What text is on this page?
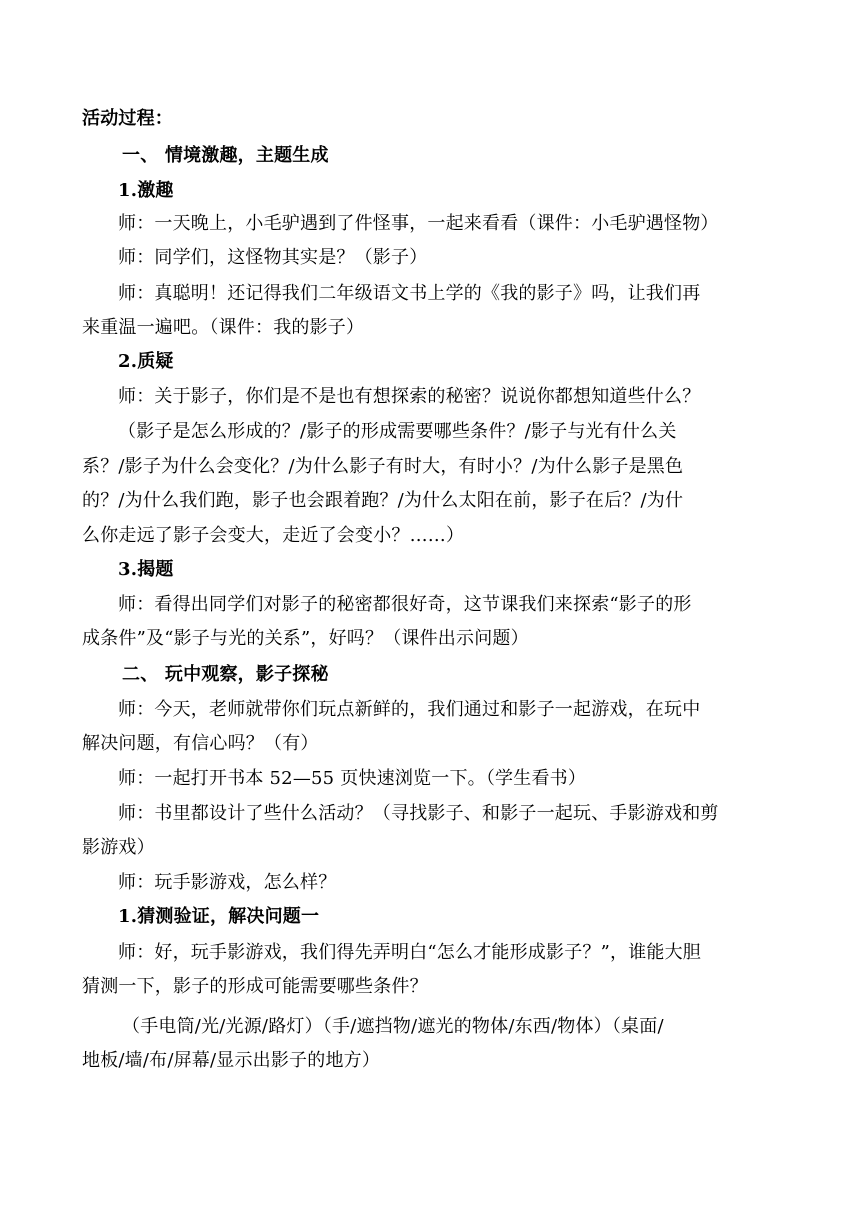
活动过程：
一、 情境激趣，主题生成
1.激趣
师：一天晚上，小毛驴遇到了件怪事，一起来看看（课件：小毛驴遇怪物）
师：同学们，这怪物其实是？（影子）
师：真聪明！还记得我们二年级语文书上学的《我的影子》吗，让我们再
来重温一遍吧。（课件：我的影子）
2.质疑
师：关于影子，你们是不是也有想探索的秘密？说说你都想知道些什么？
（影子是怎么形成的？/影子的形成需要哪些条件？/影子与光有什么关
系？/影子为什么会变化？/为什么影子有时大，有时小？/为什么影子是黑色
的？/为什么我们跑，影子也会跟着跑？/为什么太阳在前，影子在后？/为什
么你走远了影子会变大，走近了会变小？……）
3.揭题
师：看得出同学们对影子的秘密都很好奇，这节课我们来探索“影子的形
成条件”及“影子与光的关系”，好吗？（课件出示问题）
二、 玩中观察，影子探秘
师：今天，老师就带你们玩点新鲜的，我们通过和影子一起游戏，在玩中
解决问题，有信心吗？（有）
师：一起打开书本 52—55 页快速浏览一下。（学生看书）
师：书里都设计了些什么活动？（寻找影子、和影子一起玩、手影游戏和剪
影游戏）
师：玩手影游戏，怎么样？
1.猜测验证，解决问题一
师：好，玩手影游戏，我们得先弄明白“怎么才能形成影子？”，谁能大胆
猜测一下，影子的形成可能需要哪些条件？
（手电筒/光/光源/路灯）（手/遮挡物/遮光的物体/东西/物体）（桌面/
地板/墙/布/屏幕/显示出影子的地方）
